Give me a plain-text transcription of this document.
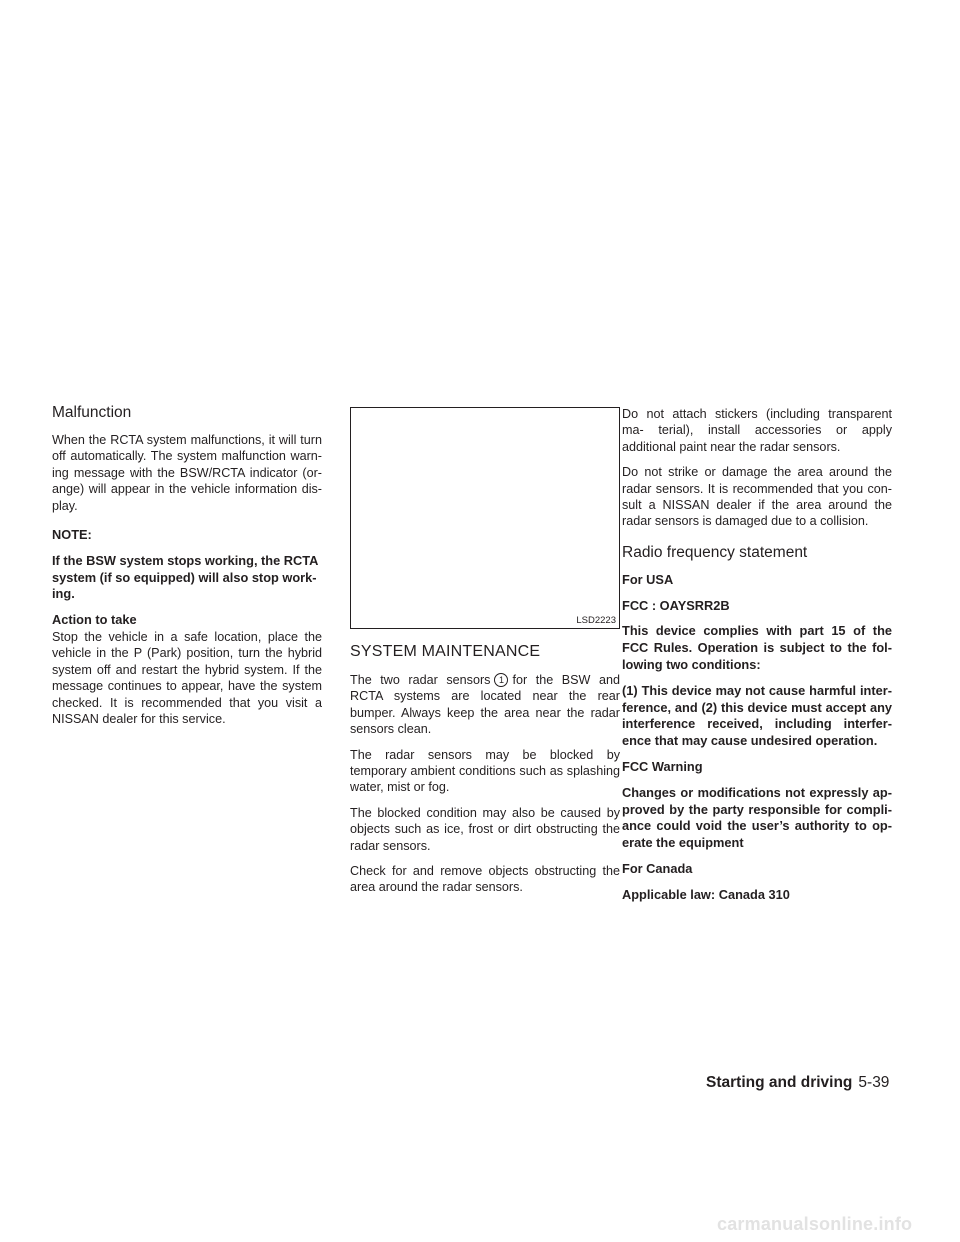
Malfunction

When the RCTA system malfunctions, it will turn off automatically. The system malfunction warn- ing message with the BSW/RCTA indicator (or- ange) will appear in the vehicle information dis- play.

NOTE:

If the BSW system stops working, the RCTA system (if so equipped) will also stop work- ing.

Action to take

Stop the vehicle in a safe location, place the vehicle in the P (Park) position, turn the hybrid system off and restart the hybrid system. If the message continues to appear, have the system checked. It is recommended that you visit a NISSAN dealer for this service.

LSD2223
SYSTEM MAINTENANCE

The two radar sensors 1 for the BSW and RCTA systems are located near the rear bumper. Always keep the area near the radar sensors clean.

The radar sensors may be blocked by temporary ambient conditions such as splashing water, mist or fog.

The blocked condition may also be caused by objects such as ice, frost or dirt obstructing the radar sensors.

Check for and remove objects obstructing the area around the radar sensors.

Do not attach stickers (including transparent ma- terial), install accessories or apply additional paint near the radar sensors.

Do not strike or damage the area around the radar sensors. It is recommended that you con- sult a NISSAN dealer if the area around the radar sensors is damaged due to a collision.

Radio frequency statement

For USA

FCC : OAYSRR2B

This device complies with part 15 of the FCC Rules. Operation is subject to the fol- lowing two conditions:

(1) This device may not cause harmful inter- ference, and (2) this device must accept any interference received, including interfer- ence that may cause undesired operation.

FCC Warning

Changes or modifications not expressly ap- proved by the party responsible for compli- ance could void the user’s authority to op- erate the equipment

For Canada

Applicable law: Canada 310

Starting and driving 5-39
carmanualsonline.info
